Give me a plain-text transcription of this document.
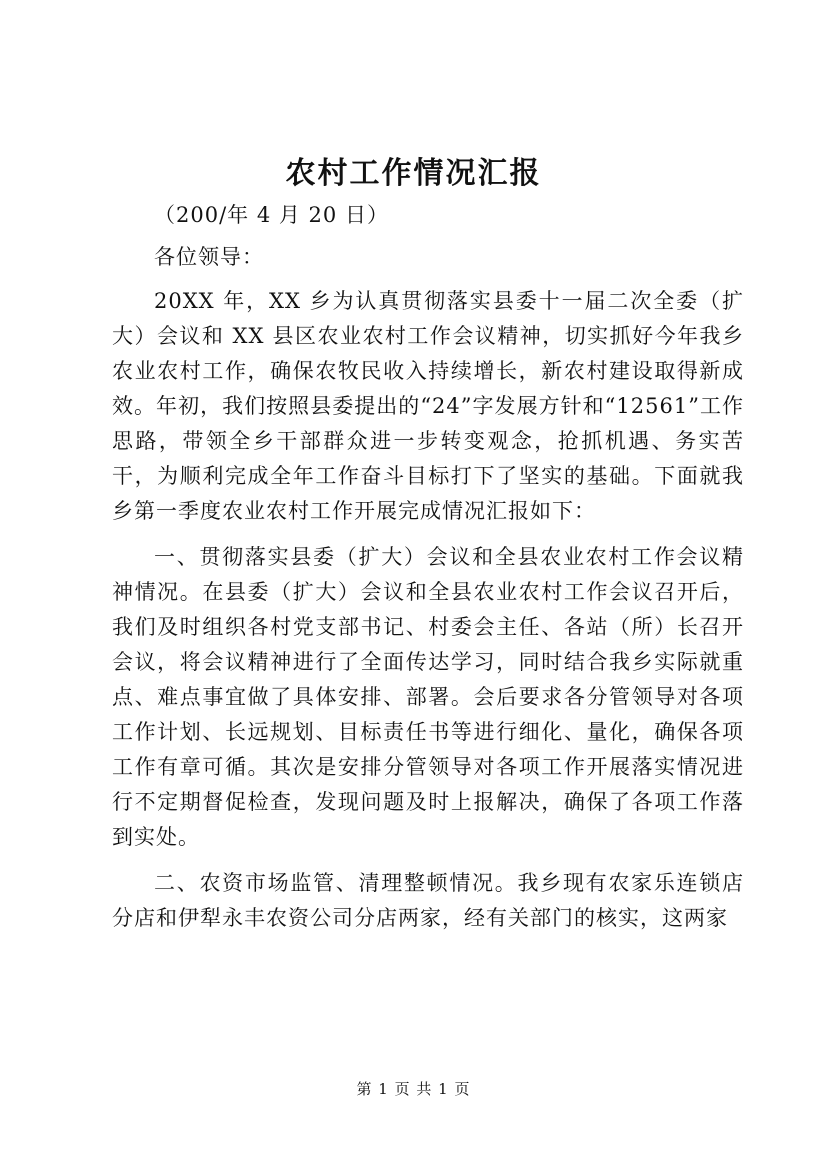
农村工作情况汇报

（200/年 4 月 20 日）

各位领导：

20XX 年，XX 乡为认真贯彻落实县委十一届二次全委（扩大）会议和 XX 县区农业农村工作会议精神，切实抓好今年我乡农业农村工作，确保农牧民收入持续增长，新农村建设取得新成效。年初，我们按照县委提出的“24”字发展方针和“12561”工作思路，带领全乡干部群众进一步转变观念，抢抓机遇、务实苦干，为顺利完成全年工作奋斗目标打下了坚实的基础。下面就我乡第一季度农业农村工作开展完成情况汇报如下：

一、贯彻落实县委（扩大）会议和全县农业农村工作会议精神情况。在县委（扩大）会议和全县农业农村工作会议召开后，我们及时组织各村党支部书记、村委会主任、各站（所）长召开会议，将会议精神进行了全面传达学习，同时结合我乡实际就重点、难点事宜做了具体安排、部署。会后要求各分管领导对各项工作计划、长远规划、目标责任书等进行细化、量化，确保各项工作有章可循。其次是安排分管领导对各项工作开展落实情况进行不定期督促检查，发现问题及时上报解决，确保了各项工作落到实处。

二、农资市场监管、清理整顿情况。我乡现有农家乐连锁店分店和伊犁永丰农资公司分店两家，经有关部门的核实，这两家

第 1 页 共 1 页
